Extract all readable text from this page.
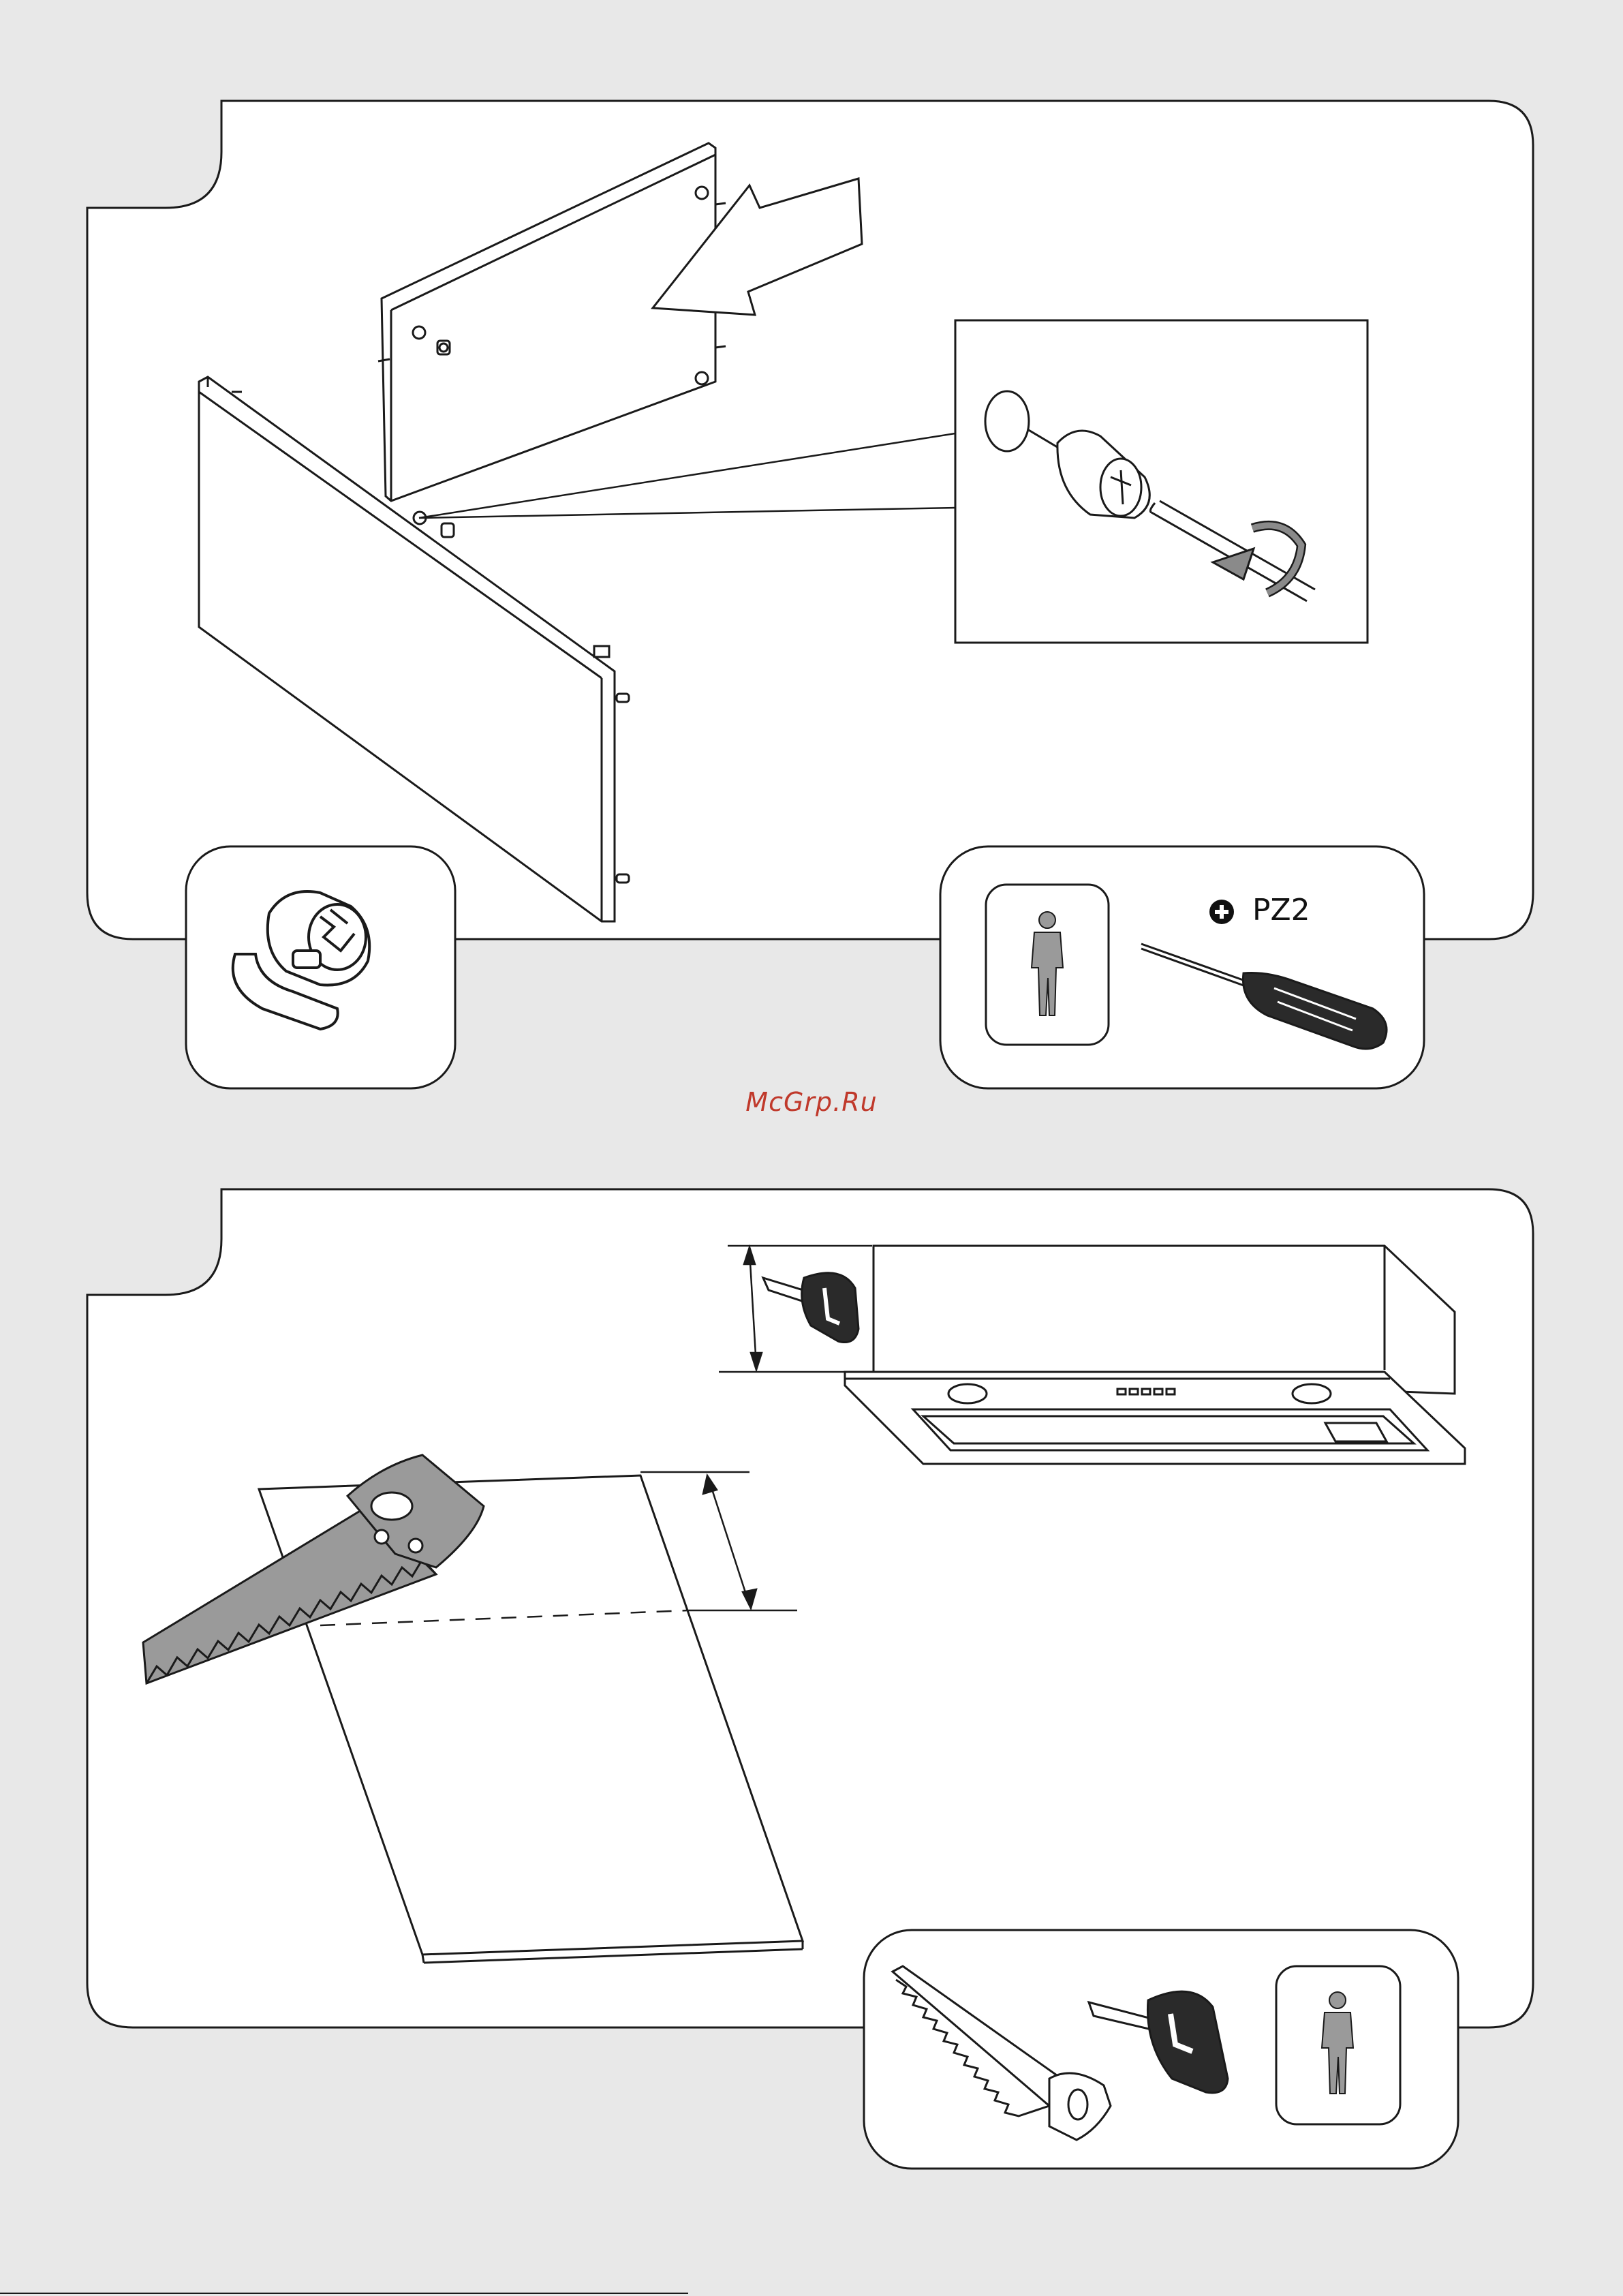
PZ2
McGrp.Ru
